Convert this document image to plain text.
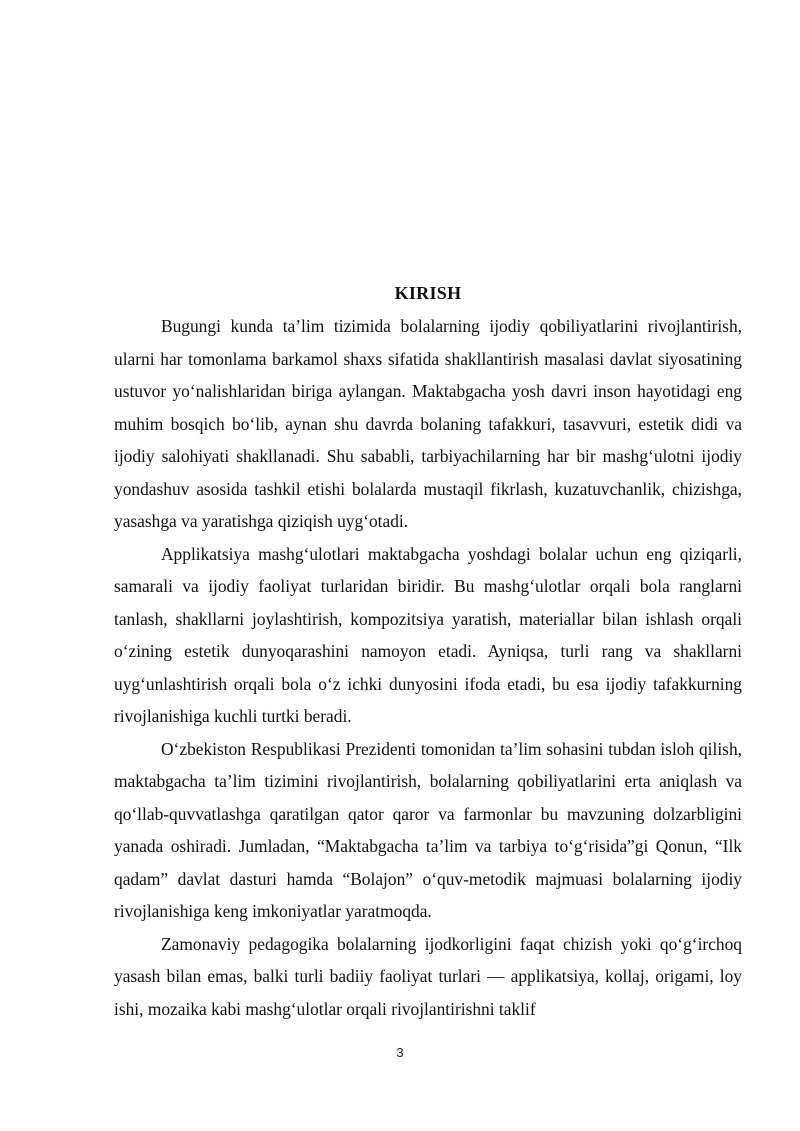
KIRISH

Bugungi kunda ta’lim tizimida bolalarning ijodiy qobiliyatlarini rivojlantirish, ularni har tomonlama barkamol shaxs sifatida shakllantirish masalasi davlat siyosatining ustuvor yo‘nalishlaridan biriga aylangan. Maktabgacha yosh davri inson hayotidagi eng muhim bosqich bo‘lib, aynan shu davrda bolaning tafakkuri, tasavvuri, estetik didi va ijodiy salohiyati shakllanadi. Shu sababli, tarbiyachilarning har bir mashg‘ulotni ijodiy yondashuv asosida tashkil etishi bolalarda mustaqil fikrlash, kuzatuvchanlik, chizishga, yasashga va yaratishga qiziqish uyg‘otadi.

Applikatsiya mashg‘ulotlari maktabgacha yoshdagi bolalar uchun eng qiziqarli, samarali va ijodiy faoliyat turlaridan biridir. Bu mashg‘ulotlar orqali bola ranglarni tanlash, shakllarni joylashtirish, kompozitsiya yaratish, materiallar bilan ishlash orqali o‘zining estetik dunyoqarashini namoyon etadi. Ayniqsa, turli rang va shakllarni uyg‘unlashtirish orqali bola o‘z ichki dunyosini ifoda etadi, bu esa ijodiy tafakkurning rivojlanishiga kuchli turtki beradi.

O‘zbekiston Respublikasi Prezidenti tomonidan ta’lim sohasini tubdan isloh qilish, maktabgacha ta’lim tizimini rivojlantirish, bolalarning qobiliyatlarini erta aniqlash va qo‘llab-quvvatlashga qaratilgan qator qaror va farmonlar bu mavzuning dolzarbligini yanada oshiradi. Jumladan, “Maktabgacha ta’lim va tarbiya to‘g‘risida”gi Qonun, “Ilk qadam” davlat dasturi hamda “Bolajon” o‘quv-metodik majmuasi bolalarning ijodiy rivojlanishiga keng imkoniyatlar yaratmoqda.

Zamonaviy pedagogika bolalarning ijodkorligini faqat chizish yoki qo‘g‘irchoq yasash bilan emas, balki turli badiiy faoliyat turlari — applikatsiya, kollaj, origami, loy ishi, mozaika kabi mashg‘ulotlar orqali rivojlantirishni taklif

3
